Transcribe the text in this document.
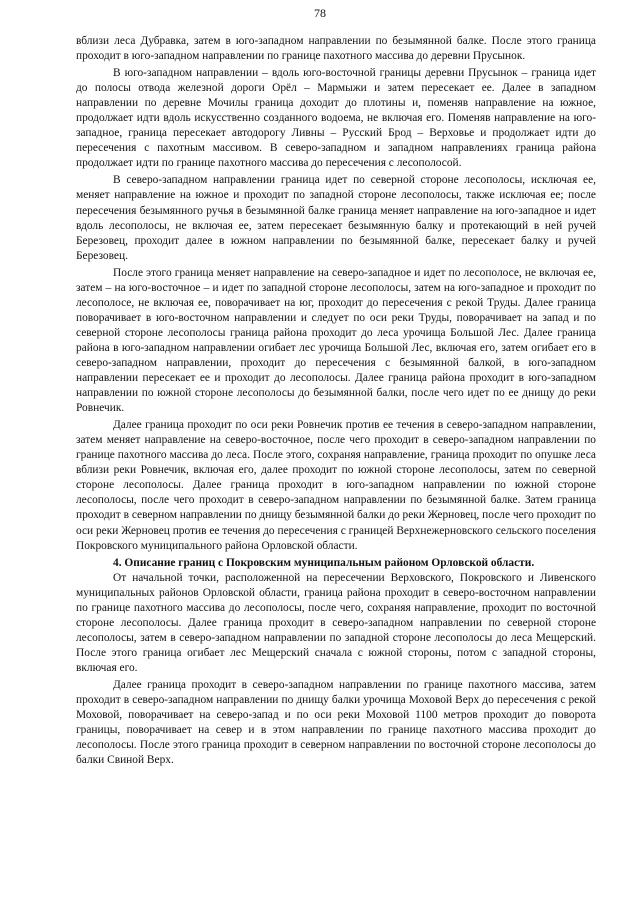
78

вблизи леса Дубравка, затем в юго-западном направлении по безымянной балке. После этого граница проходит в юго-западном направлении по границе пахотного массива до деревни Прусынок.

В юго-западном направлении – вдоль юго-восточной границы деревни Прусынок – граница идет до полосы отвода железной дороги Орёл – Мармыжи и затем пересекает ее. Далее в западном направлении по деревне Мочилы граница доходит до плотины и, поменяв направление на южное, продолжает идти вдоль искусственно созданного водоема, не включая его. Поменяв направление на юго-западное, граница пересекает автодорогу Ливны – Русский Брод – Верховье и продолжает идти до пересечения с пахотным массивом. В северо-западном и западном направлениях граница района продолжает идти по границе пахотного массива до пересечения с лесополосой.

В северо-западном направлении граница идет по северной стороне лесополосы, исключая ее, меняет направление на южное и проходит по западной стороне лесополосы, также исключая ее; после пересечения безымянного ручья в безымянной балке граница меняет направление на юго-западное и идет вдоль лесополосы, не включая ее, затем пересекает безымянную балку и протекающий в ней ручей Березовец, проходит далее в южном направлении по безымянной балке, пересекает балку и ручей Березовец.

После этого граница меняет направление на северо-западное и идет по лесополосе, не включая ее, затем – на юго-восточное – и идет по западной стороне лесополосы, затем на юго-западное и проходит по лесополосе, не включая ее, поворачивает на юг, проходит до пересечения с рекой Труды. Далее граница поворачивает в юго-восточном направлении и следует по оси реки Труды, поворачивает на запад и по северной стороне лесополосы граница района проходит до леса урочища Большой Лес. Далее граница района в юго-западном направлении огибает лес урочища Большой Лес, включая его, затем огибает его в северо-западном направлении, проходит до пересечения с безымянной балкой, в юго-западном направлении пересекает ее и проходит до лесополосы. Далее граница района проходит в юго-западном направлении по южной стороне лесополосы до безымянной балки, после чего идет по ее днищу до реки Ровнечик.

Далее граница проходит по оси реки Ровнечик против ее течения в северо-западном направлении, затем меняет направление на северо-восточное, после чего проходит в северо-западном направлении по границе пахотного массива до леса. После этого, сохраняя направление, граница проходит по опушке леса вблизи реки Ровнечик, включая его, далее проходит по южной стороне лесополосы, затем по северной стороне лесополосы. Далее граница проходит в юго-западном направлении по южной стороне лесополосы, после чего проходит в северо-западном направлении по безымянной балке. Затем граница проходит в северном направлении по днищу безымянной балки до реки Жерновец, после чего проходит по оси реки Жерновец против ее течения до пересечения с границей Верхнежерновского сельского поселения Покровского муниципального района Орловской области.

4. Описание границ с Покровским муниципальным районом Орловской области.

От начальной точки, расположенной на пересечении Верховского, Покровского и Ливенского муниципальных районов Орловской области, граница района проходит в северо-восточном направлении по границе пахотного массива до лесополосы, после чего, сохраняя направление, проходит по восточной стороне лесополосы. Далее граница проходит в северо-западном направлении по северной стороне лесополосы, затем в северо-западном направлении по западной стороне лесополосы до леса Мещерский. После этого граница огибает лес Мещерский сначала с южной стороны, потом с западной стороны, включая его.

Далее граница проходит в северо-западном направлении по границе пахотного массива, затем проходит в северо-западном направлении по днищу балки урочища Моховой Верх до пересечения с рекой Моховой, поворачивает на северо-запад и по оси реки Моховой 1100 метров проходит до поворота границы, поворачивает на север и в этом направлении по границе пахотного массива проходит до лесополосы. После этого граница проходит в северном направлении по восточной стороне лесополосы до балки Свиной Верх.
